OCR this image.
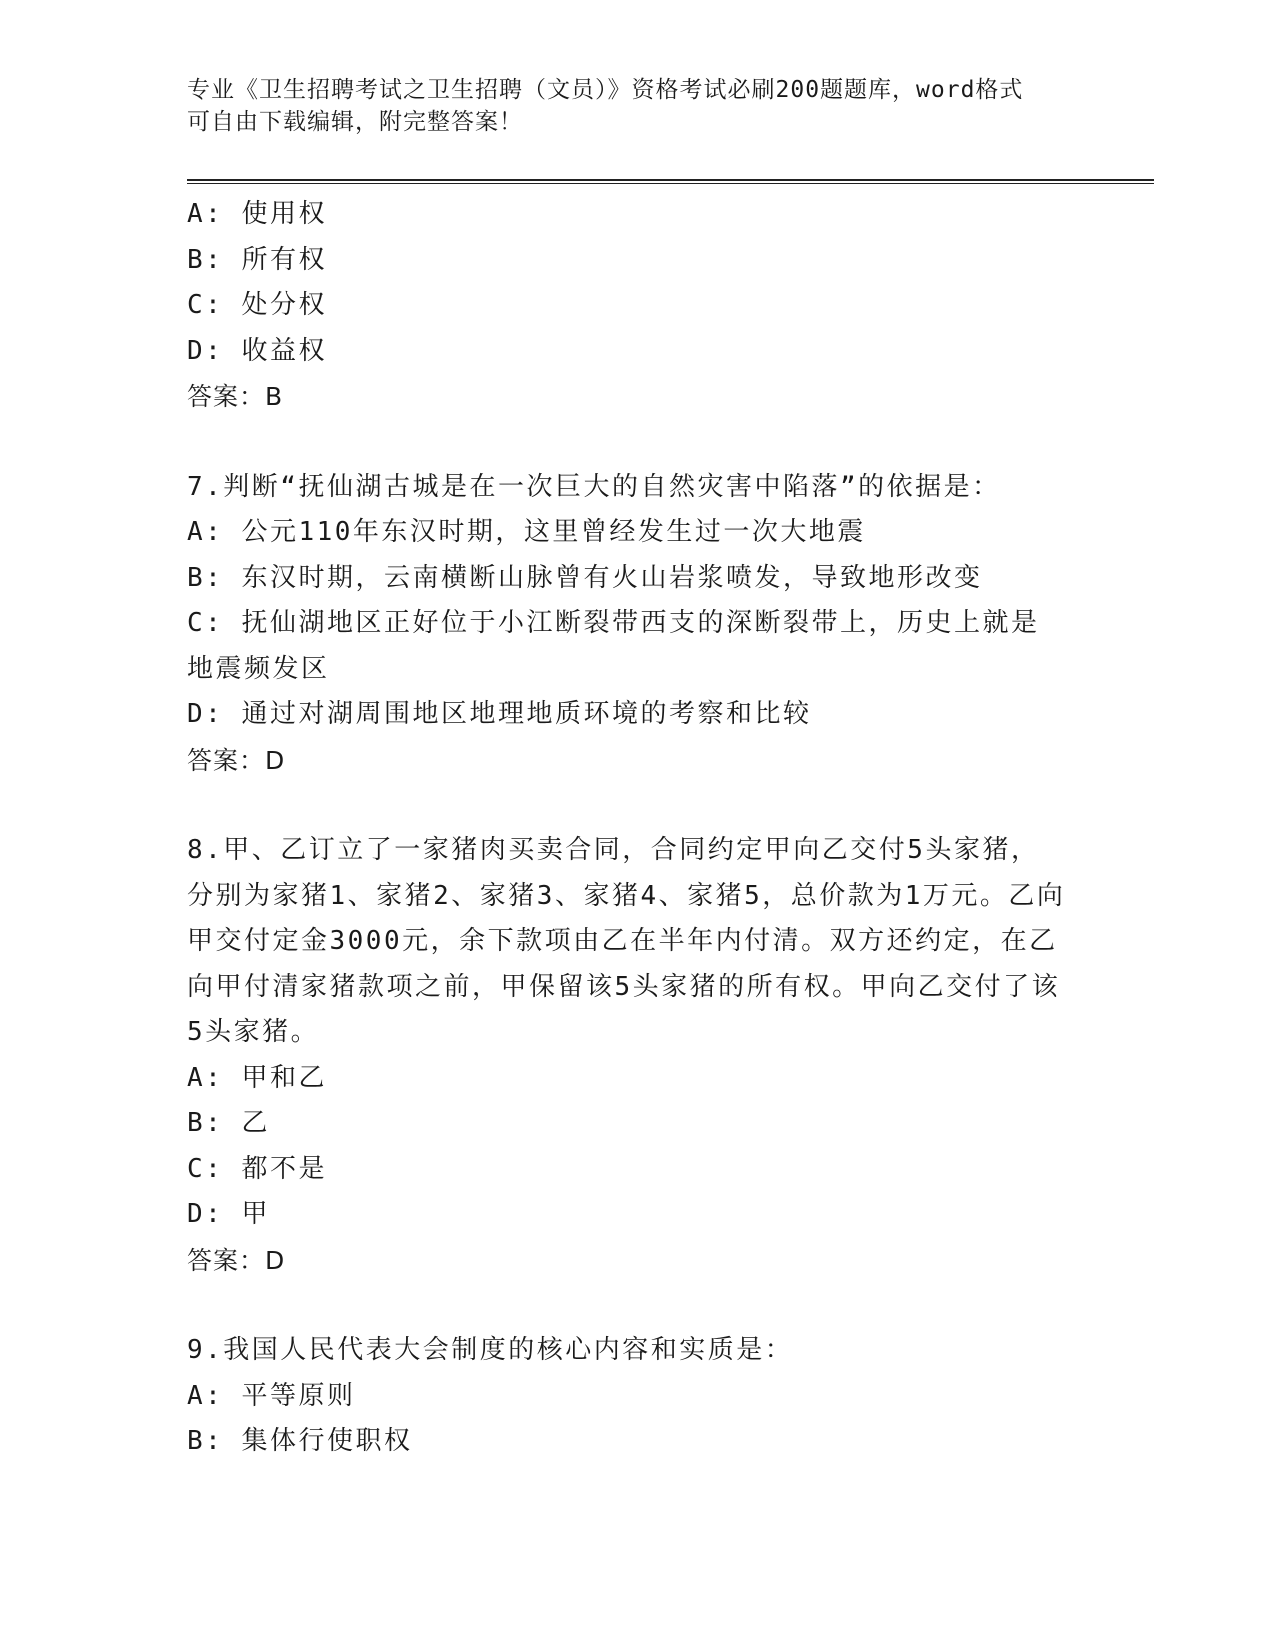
专业《卫生招聘考试之卫生招聘（文员）》资格考试必刷200题题库，word格式
可自由下载编辑，附完整答案！
A: 使用权
B: 所有权
C: 处分权
D: 收益权
答案：B
7.判断“抚仙湖古城是在一次巨大的自然灾害中陷落”的依据是：
A: 公元110年东汉时期，这里曾经发生过一次大地震
B: 东汉时期，云南横断山脉曾有火山岩浆喷发，导致地形改变
C: 抚仙湖地区正好位于小江断裂带西支的深断裂带上，历史上就是地震频发区
D: 通过对湖周围地区地理地质环境的考察和比较
答案：D
8.甲、乙订立了一家猪肉买卖合同，合同约定甲向乙交付5头家猪，分别为家猪1、家猪2、家猪3、家猪4、家猪5，总价款为1万元。乙向甲交付定金3000元，余下款项由乙在半年内付清。双方还约定，在乙向甲付清家猪款项之前，甲保留该5头家猪的所有权。甲向乙交付了该5头家猪。
A: 甲和乙
B: 乙
C: 都不是
D: 甲
答案：D
9.我国人民代表大会制度的核心内容和实质是：
A: 平等原则
B: 集体行使职权
